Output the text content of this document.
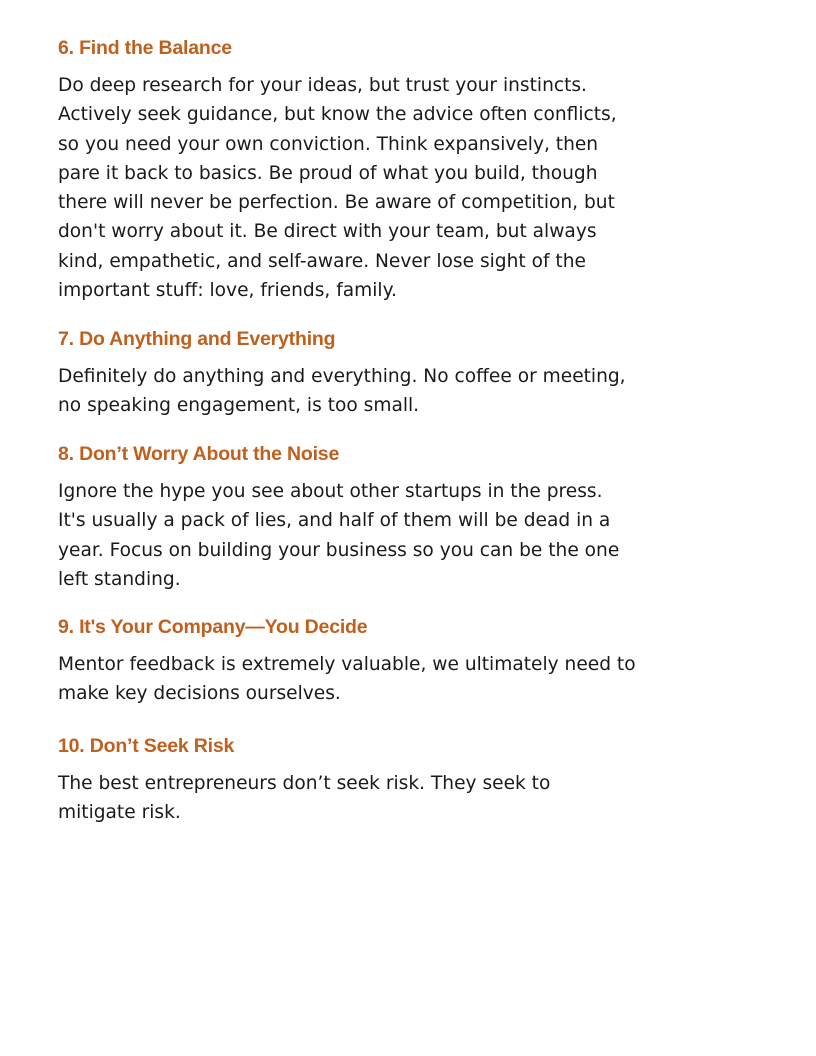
6. Find the Balance

Do deep research for your ideas, but trust your instincts.
Actively seek guidance, but know the advice often conflicts,
so you need your own conviction. Think expansively, then
pare it back to basics. Be proud of what you build, though
there will never be perfection. Be aware of competition, but
don't worry about it. Be direct with your team, but always
kind, empathetic, and self-aware. Never lose sight of the
important stuff: love, friends, family.

7. Do Anything and Everything

Definitely do anything and everything. No coffee or meeting,
no speaking engagement, is too small.

8. Don’t Worry About the Noise

Ignore the hype you see about other startups in the press.
It's usually a pack of lies, and half of them will be dead in a
year. Focus on building your business so you can be the one
left standing.

9. It's Your Company—You Decide

Mentor feedback is extremely valuable, we ultimately need to
make key decisions ourselves.

10. Don’t Seek Risk

The best entrepreneurs don’t seek risk. They seek to
mitigate risk.
